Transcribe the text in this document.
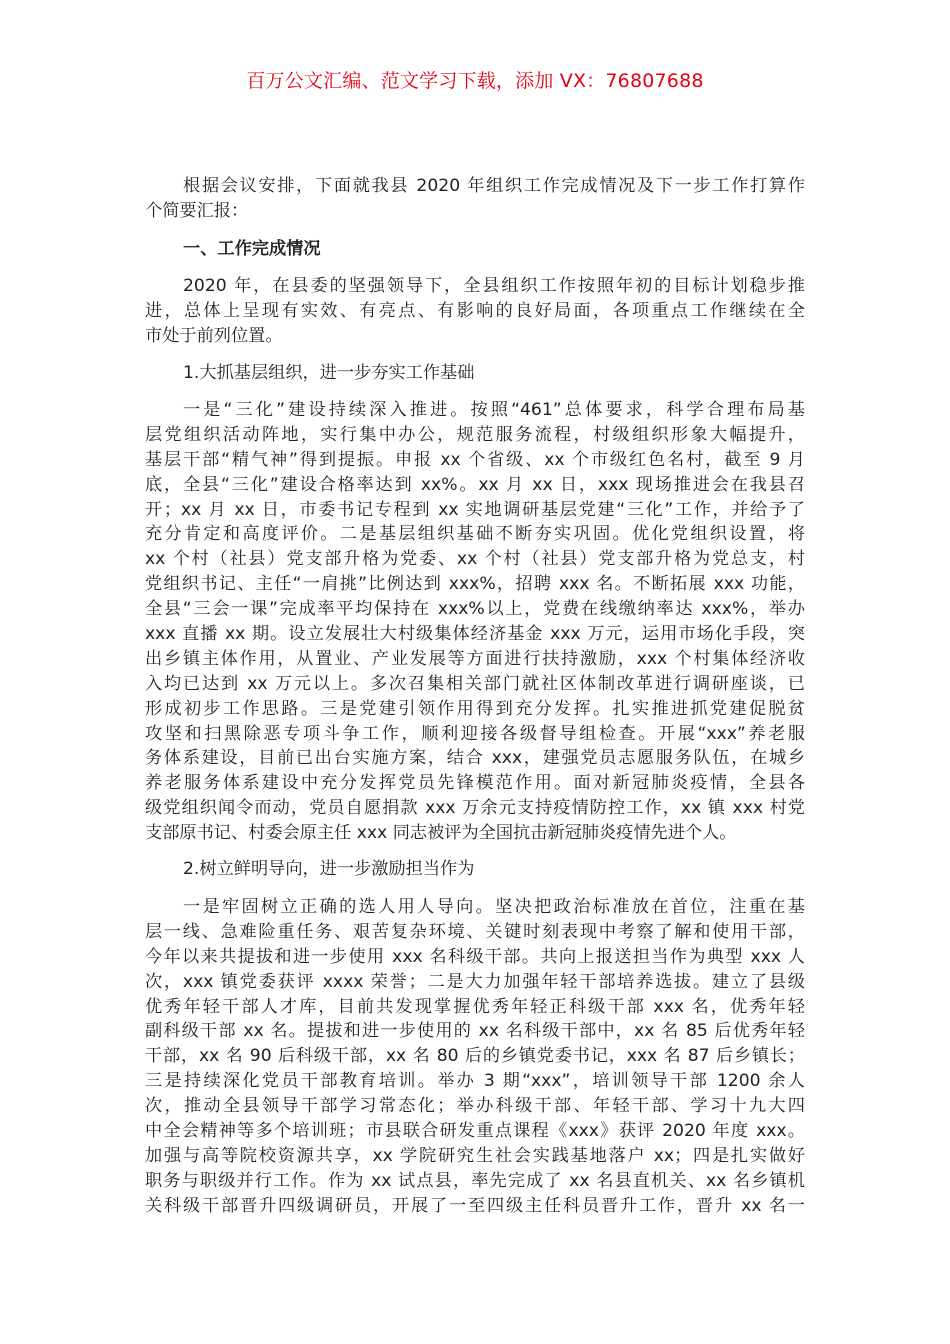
百万公文汇编、范文学习下载，添加 VX：76807688
根据会议安排，下面就我县 2020 年组织工作完成情况及下一步工作打算作
个简要汇报：
一、工作完成情况
2020 年，在县委的坚强领导下，全县组织工作按照年初的目标计划稳步推
进，总体上呈现有实效、有亮点、有影响的良好局面，各项重点工作继续在全
市处于前列位置。
1.大抓基层组织，进一步夯实工作基础
一是“三化”建设持续深入推进。按照“461”总体要求，科学合理布局基
层党组织活动阵地，实行集中办公，规范服务流程，村级组织形象大幅提升，
基层干部“精气神”得到提振。申报 xx 个省级、xx 个市级红色名村，截至 9 月
底，全县“三化”建设合格率达到 xx%。xx 月 xx 日，xxx 现场推进会在我县召
开；xx 月 xx 日，市委书记专程到 xx 实地调研基层党建“三化”工作，并给予了
充分肯定和高度评价。二是基层组织基础不断夯实巩固。优化党组织设置，将
xx 个村（社县）党支部升格为党委、xx 个村（社县）党支部升格为党总支，村
党组织书记、主任“一肩挑”比例达到 xxx%，招聘 xxx 名。不断拓展 xxx 功能，
全县“三会一课”完成率平均保持在 xxx%以上，党费在线缴纳率达 xxx%，举办
xxx 直播 xx 期。设立发展壮大村级集体经济基金 xxx 万元，运用市场化手段，突
出乡镇主体作用，从置业、产业发展等方面进行扶持激励，xxx 个村集体经济收
入均已达到 xx 万元以上。多次召集相关部门就社区体制改革进行调研座谈，已
形成初步工作思路。三是党建引领作用得到充分发挥。扎实推进抓党建促脱贫
攻坚和扫黑除恶专项斗争工作，顺利迎接各级督导组检查。开展“xxx”养老服
务体系建设，目前已出台实施方案，结合 xxx，建强党员志愿服务队伍，在城乡
养老服务体系建设中充分发挥党员先锋模范作用。面对新冠肺炎疫情，全县各
级党组织闻令而动，党员自愿捐款 xxx 万余元支持疫情防控工作，xx 镇 xxx 村党
支部原书记、村委会原主任 xxx 同志被评为全国抗击新冠肺炎疫情先进个人。
2.树立鲜明导向，进一步激励担当作为
一是牢固树立正确的选人用人导向。坚决把政治标准放在首位，注重在基
层一线、急难险重任务、艰苦复杂环境、关键时刻表现中考察了解和使用干部，
今年以来共提拔和进一步使用 xxx 名科级干部。共向上报送担当作为典型 xxx 人
次，xxx 镇党委获评 xxxx 荣誉；二是大力加强年轻干部培养选拔。建立了县级
优秀年轻干部人才库，目前共发现掌握优秀年轻正科级干部 xxx 名，优秀年轻
副科级干部 xx 名。提拔和进一步使用的 xx 名科级干部中，xx 名 85 后优秀年轻
干部，xx 名 90 后科级干部，xx 名 80 后的乡镇党委书记，xxx 名 87 后乡镇长；
三是持续深化党员干部教育培训。举办 3 期“xxx”，培训领导干部 1200 余人
次，推动全县领导干部学习常态化；举办科级干部、年轻干部、学习十九大四
中全会精神等多个培训班；市县联合研发重点课程《xxx》获评 2020 年度 xxx。
加强与高等院校资源共享，xx 学院研究生社会实践基地落户 xx；四是扎实做好
职务与职级并行工作。作为 xx 试点县，率先完成了 xx 名县直机关、xx 名乡镇机
关科级干部晋升四级调研员，开展了一至四级主任科员晋升工作，晋升 xx 名一
